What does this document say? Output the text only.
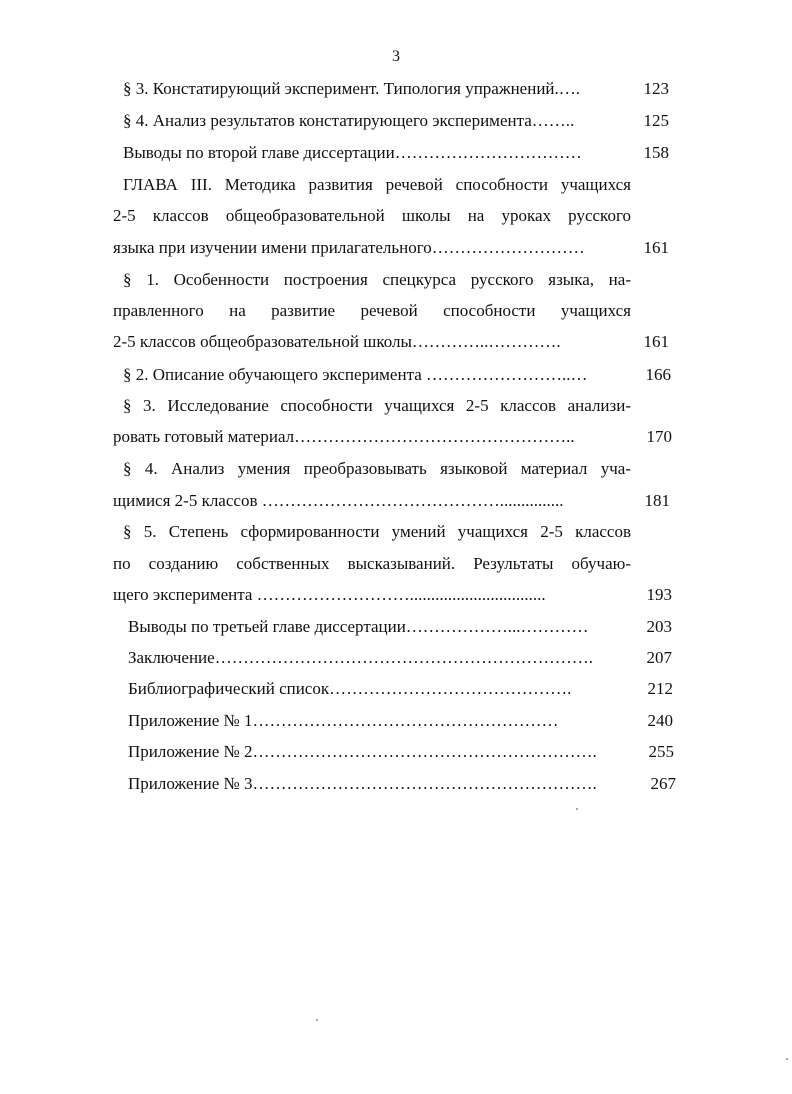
3
§ 3. Констатирующий эксперимент. Типология упражнений.….	123
§ 4. Анализ результатов констатирующего эксперимента……..	125
Выводы по второй главе диссертации……………………………	158
ГЛАВА III. Методика развития речевой способности учащихся
2-5 классов общеобразовательной школы на уроках русского
языка при изучении имени прилагательного………………………	161
§ 1. Особенности построения спецкурса русского языка, на-
правленного на развитие речевой способности учащихся
2-5 классов общеобразовательной школы…………..………….	161
§ 2. Описание обучающего эксперимента ……………………..…	166
§ 3. Исследование способности учащихся 2-5 классов анализи-
ровать готовый материал…………………………………………..	170
§ 4. Анализ умения преобразовывать языковой материал уча-
щимися 2-5 классов ……………………………………...............	181
§ 5. Степень сформированности умений учащихся 2-5 классов
по созданию собственных высказываний. Результаты обучаю-
щего эксперимента ………………………................................	193
Выводы по третьей главе диссертации………………...…………	203
Заключение………………………………………………………….	207
Библиографический список…………………………………….	212
Приложение № 1………………………………………………	240
Приложение № 2…………………………………………………….	255
Приложение № 3…………………………………………………….	267
